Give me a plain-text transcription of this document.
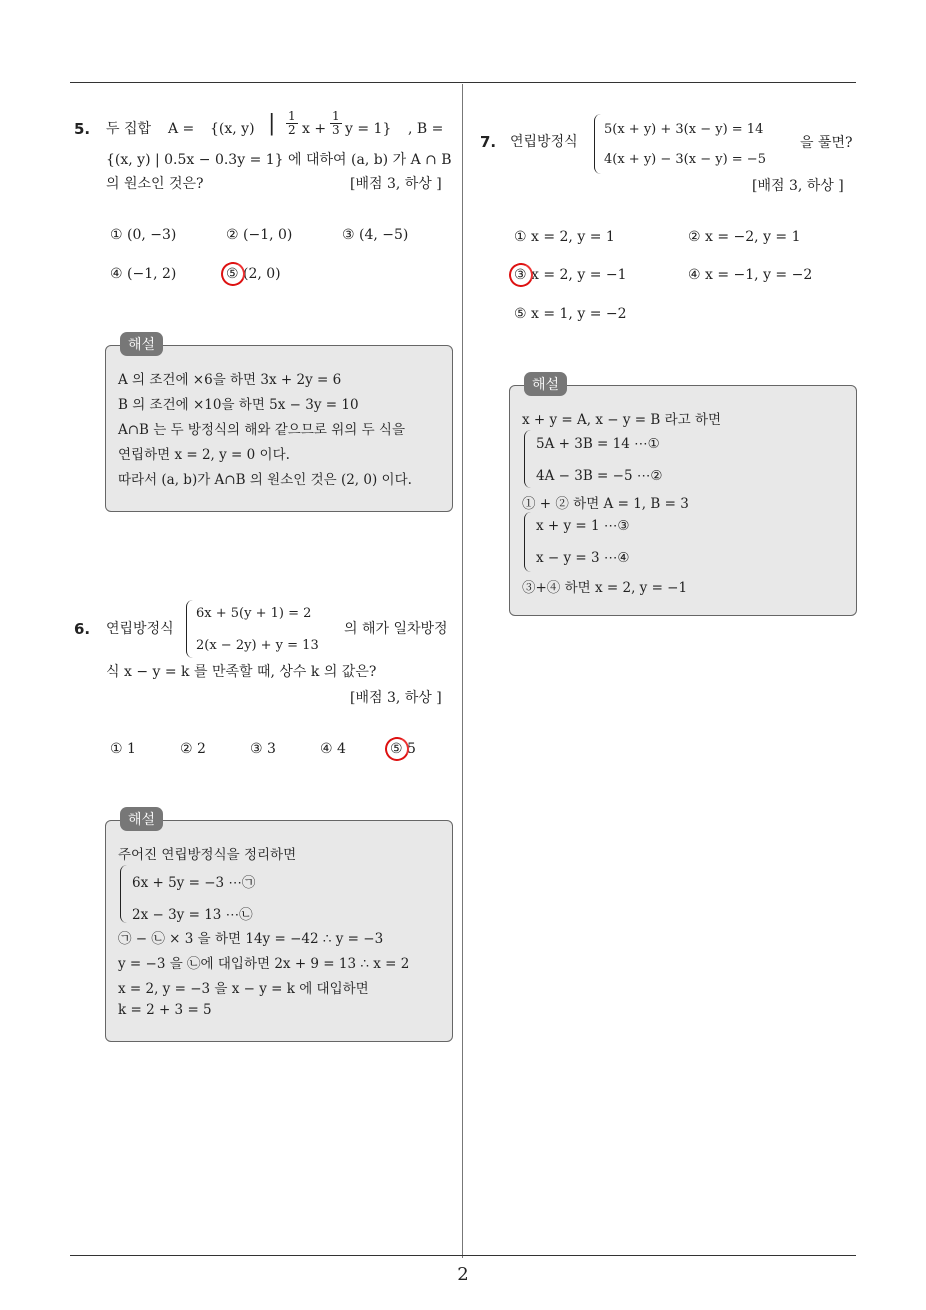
2
5. 두 집합 A = {(x, y) | $\frac{1}{2}$ $x + \frac{1}{3}$ y = 1} , B =
{(x, y) | 0.5x − 0.3y = 1} 에 대하여 (a, b) 가 A ∩ B
의 원소인 것은?	[배점 3, 하상 ]
① (0, −3)	② (−1, 0)	③ (4, −5)
④ (−1, 2)	⑤ (2, 0)
해설
A 의 조건에 ×6을 하면 3x + 2y = 6
B 의 조건에 ×10을 하면 5x − 3y = 10
A∩B 는 두 방정식의 해와 같으므로 위의 두 식을
연립하면 x = 2, y = 0 이다.
따라서 (a, b)가 A∩B 의 원소인 것은 (2, 0) 이다.
6. 연립방정식
6x + 5(y + 1) = 2
2(x − 2y) + y = 13
의 해가 일차방정
식 x − y = k 를 만족할 때, 상수 k 의 값은?
[배점 3, 하상 ]
① 1	② 2	③ 3	④ 4	⑤ 5
해설
주어진 연립방정식을 정리하면
6x + 5y = −3 ⋯㉠
2x − 3y = 13 ⋯㉡
㉠ − ㉡ × 3 을 하면 14y = −42 ∴ y = −3
y = −3 을 ㉡에 대입하면 2x + 9 = 13 ∴ x = 2
x = 2, y = −3 을 x − y = k 에 대입하면
k = 2 + 3 = 5
7. 연립방정식
5(x + y) + 3(x − y) = 14
4(x + y) − 3(x − y) = −5
을 풀면?
[배점 3, 하상 ]
① x = 2, y = 1	② x = −2, y = 1
③ x = 2, y = −1	④ x = −1, y = −2
⑤ x = 1, y = −2
해설
x + y = A, x − y = B 라고 하면
5A + 3B = 14 ⋯①
4A − 3B = −5 ⋯②
① + ② 하면 A = 1, B = 3
x + y = 1 ⋯③
x − y = 3 ⋯④
③+④ 하면 x = 2, y = −1
